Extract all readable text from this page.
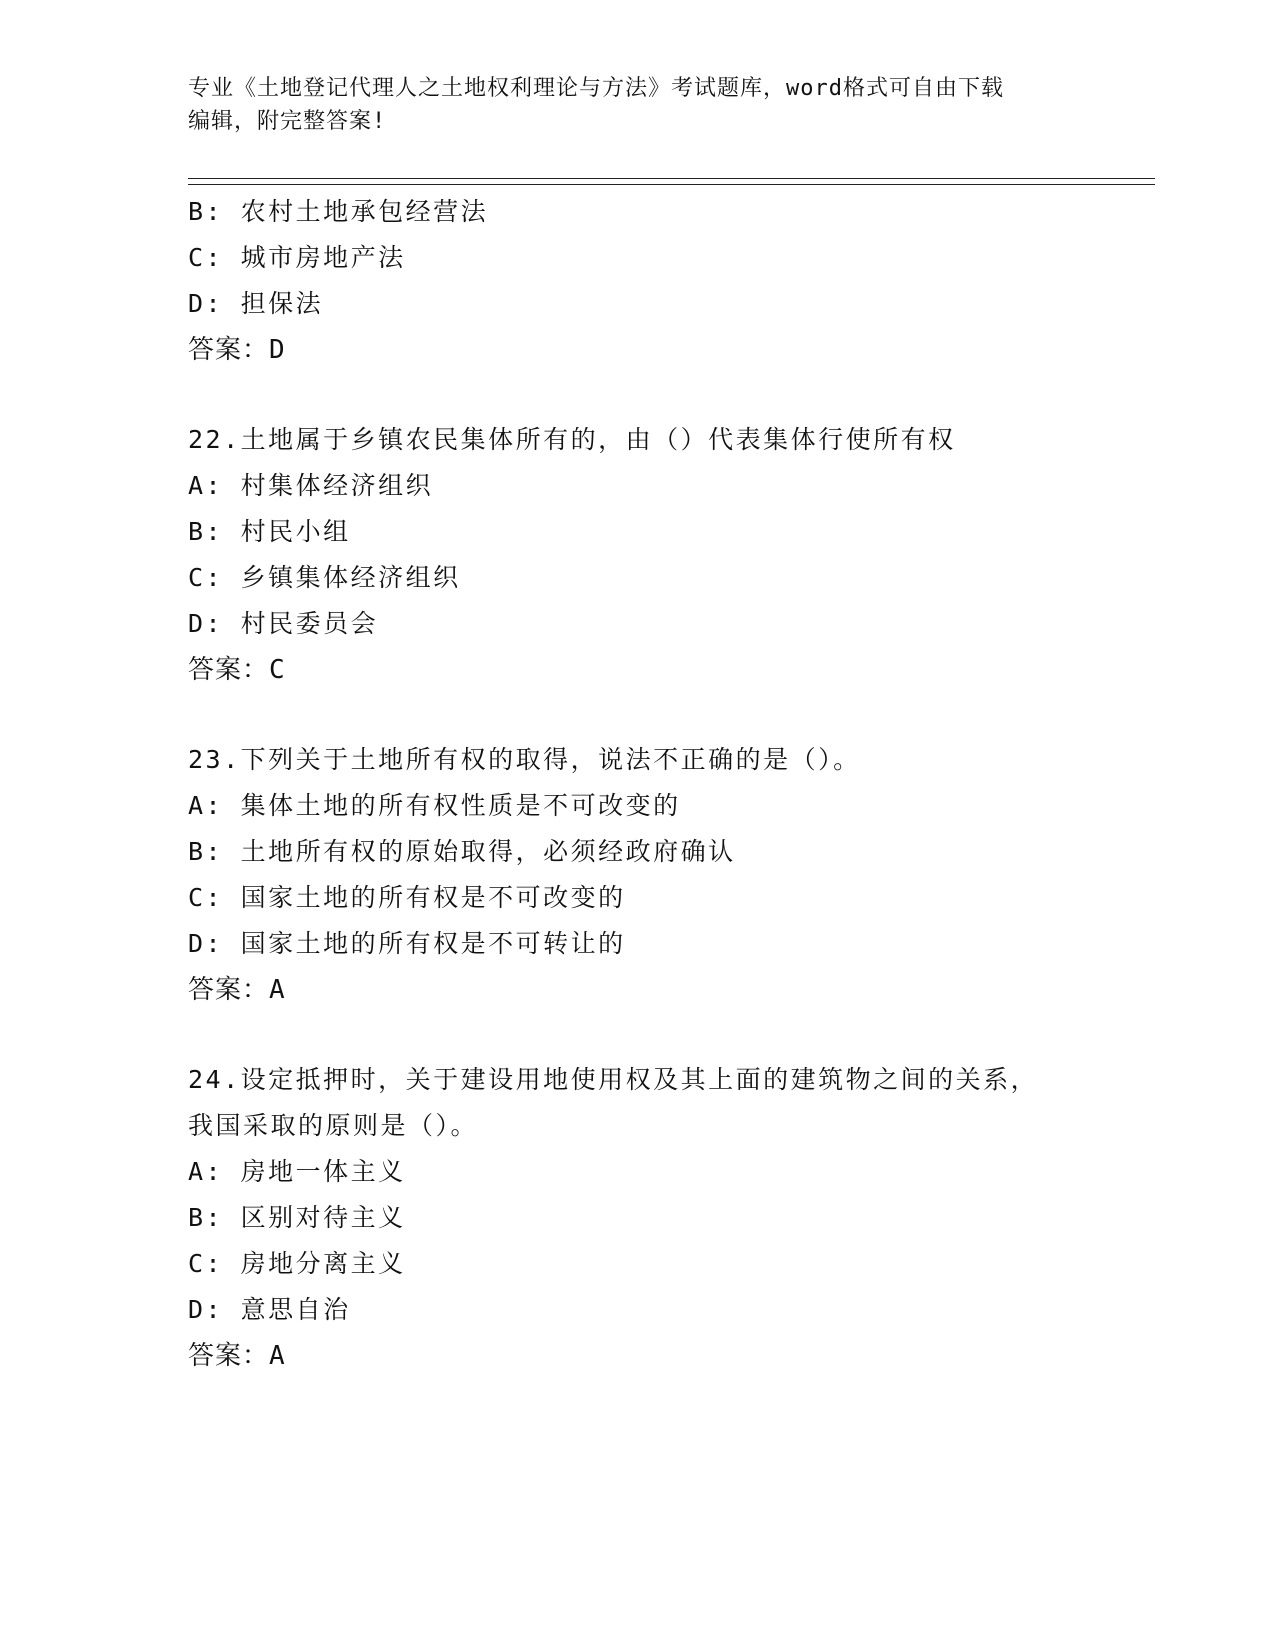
专业《土地登记代理人之土地权利理论与方法》考试题库，word格式可自由下载
编辑，附完整答案!
B: 农村土地承包经营法
C: 城市房地产法
D: 担保法
答案：D
22.土地属于乡镇农民集体所有的，由（）代表集体行使所有权
A: 村集体经济组织
B: 村民小组
C: 乡镇集体经济组织
D: 村民委员会
答案：C
23.下列关于土地所有权的取得，说法不正确的是（）。
A: 集体土地的所有权性质是不可改变的
B: 土地所有权的原始取得，必须经政府确认
C: 国家土地的所有权是不可改变的
D: 国家土地的所有权是不可转让的
答案：A
24.设定抵押时，关于建设用地使用权及其上面的建筑物之间的关系，
我国采取的原则是（）。
A: 房地一体主义
B: 区别对待主义
C: 房地分离主义
D: 意思自治
答案：A
